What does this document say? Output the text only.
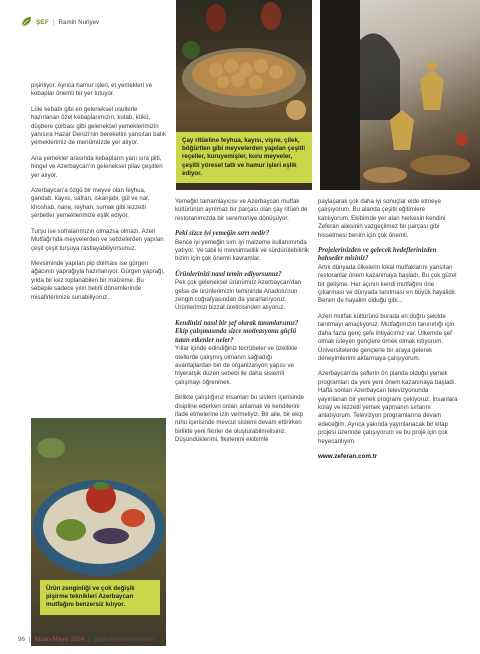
ŞEF | Ramin Nuriyev
Çay ritüeline feyhua, kayısı, vişne, çilek, böğürtlen gibi meyvelerden yapılan çeşitli reçeller, kuruyemişler, kuru meyveler, çeşitli yöresel tatlı ve hamur işleri eşlik ediyor.
Ürün zenginliği ve çok değişik pişirme teknikleri Azerbaycan mutfağını benzersiz kılıyor.

pişiriliyor. Ayrıca hamur işleri, et yemekleri ve kebaplar önemli bir yer tutuyor.

Lüle kebabı gibi en geleneksel usullerle hazırlanan özel kebaplarımızın, kutab, kükü, düşbere çorbası gibi geleneksel yemeklerimizin yanısıra Hazar Denizi'nin bereketini yansıtan balık yemeklerimiz de menümüzde yer alıyor.

Ana yemekler arasında kebapların yanı sıra pilti, hingel ve Azerbaycan'ın geleneksel pilav çeşitleri yer alıyor.

Azerbaycan'a özgü bir meyve olan feyhua, gandab, kayısı, safran, iskanjabi, gül ve nar, khoshab, nane, reyhan, sumak gibi lezzetli şerbetler yemeklerimize eşlik ediyor.

Turşu ise sofralarımızın olmazsa olmazı. Azeri Mutfağı'nda meyvelerden ve sebzelerden yapılan çeşit çeşit turşuya rastlayabiliyorsunuz.

Mevsiminde yapılan pip dolması ise gürgen ağacının yaprağıyla hazırlanıyor. Gürgen yaprağı, yılda bir kez toplanabilen bir malzeme. Bu sebeple sadece yılın belirli dönemlerinde misafirlerimize sunabiliyoruz.

Yemeğin tamamlayıcısı ve Azerbaycan mutfak kültürünün ayrılmaz bir parçası olan çay ritüeli de restoranımızda bir seremoniye dönüşüyor.

Peki sizce iyi yemeğin sırrı nedir?

Bence iyi yemeğin sırrı iyi malzeme kullanımında yatıyor. Ve tabii ki mevsimsellik ve sürdürülebilirlik bizim için çok önemli kavramlar.

Ürünlerinizi nasıl temin ediyorsunuz?

Pek çok geleneksel ürünümüz Azerbaycan'dan gelse de ürünlerimizin temininde Anadolu'nun zengin coğrafyasından da yararlanıyoruz. Ürünlerimizi bizzat üreticisinden alıyoruz.

Kendinizi nasıl bir şef olarak tanımlarsınız? Ekip çalışmasında sizce motivasyonu güçlü tutan etkenler neler?

Yıllar içinde edindiğiniz tecrübeler ve özellikle otellerde çalışmış olmanın sağladığı avantajlardan biri de organizasyon yapısı ve hiyerarşik düzen sebebi ile daha sistemli çalışmayı öğrenmek.

Birlikte çalıştığınız insanları bu sistem içerisinde disipline ederken onları anlamak ve kendilerini ifade etmelerine izin vermeliyiz. Bir aile, bir ekip ruhu içerisinde mevcut sistemi devam ettirirken birlikte yeni fikirler de oluşturabilmelisiniz. Düşündüklerimi, fikirlerimi ekibimle

paylaşarak çok daha iyi sonuçlar elde etmeye çalışıyorum. Bu alanda çeşitli eğitimlere katılıyorum. Ekibimde yer alan herkesin kendini Zeferan ailesinin vazgeçilmez bir parçası gibi hissetmesi benim için çok önemli.

Projelerinizden ve gelecek hedeflerinizden bahseder misiniz?

Artık dünyada ülkelerin lokal mutfaklarını yansıtan restoranlar önem kazanmaya başladı. Bu çok güzel bir gelişme. Her açının kendi mutfağını öne çıkarması ve dünyada tanıtması en büyük hayalidir. Benim de hayalim olduğu gibi...

Azeri mutfak kültürünü burada en doğru şekilde tanıtmayı amaçlıyoruz. Mutfağımızın tanınırlığı için daha fazla genç şefe ihtiyacımız var. Ülkemde şef olmak isteyen gençlere örnek olmak istiyorum. Üniversitelerde gençlerle bir araya gelerek deneyimlerimi aktarmaya çalışıyorum.

Azerbaycan'da şeflerin ön planda olduğu yemek programları da yeni yeni önem kazanmaya başladı. Hafta sonları Azerbaycan televizyonunda yayınlanan bir yemek programı çekiyoruz. İnsanlara kolay ve lezzetli yemek yapmanın sırlarını anlatıyorum. Televizyon programlarına devam edeceğim. Ayrıca yakında yayınlanacak bir kitap projesi üzerinde çalışıyorum ve bu proje için çok heyecanlıyım.

www.zeferan.com.tr
96 | Nisan-Mayıs 2024 | gastronomiturkey.com
